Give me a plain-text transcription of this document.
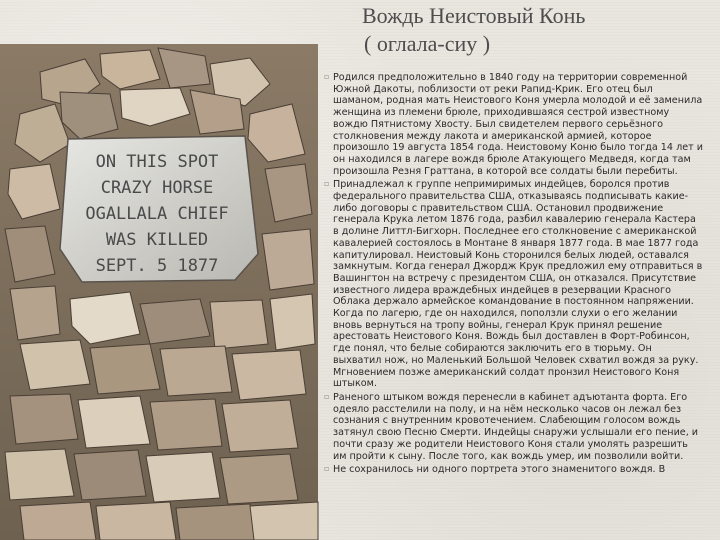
ON THIS SPOT
CRAZY HORSE
OGALLALA CHIEF
WAS KILLED
SEPT. 5 1877
Вождь Неистовый Конь
( оглала-сиу )

▫ Родился предположительно в 1840 году на территории современной Южной Дакоты, поблизости от реки Рапид-Крик. Его отец был шаманом, родная мать Неистового Коня умерла молодой и её заменила женщина из племени брюле, приходившаяся сестрой известному вождю Пятнистому Хвосту. Был свидетелем первого серьёзного столкновения между лакота и американской армией, которое произошло 19 августа 1854 года. Неистовому Коню было тогда 14 лет и он находился в лагере вождя брюле Атакующего Медведя, когда там произошла Резня Граттана, в которой все солдаты были перебиты.

▫ Принадлежал к группе непримиримых индейцев, боролся против федерального правительства США, отказываясь подписывать какие-либо договоры с правительством США. Остановил продвижение генерала Крука летом 1876 года, разбил кавалерию генерала Кастера в долине Литтл-Бигхорн. Последнее его столкновение с американской кавалерией состоялось в Монтане 8 января 1877 года. В мае 1877 года капитулировал. Неистовый Конь сторонился белых людей, оставался замкнутым. Когда генерал Джордж Крук предложил ему отправиться в Вашингтон на встречу с президентом США, он отказался. Присутствие известного лидера враждебных индейцев в резервации Красного Облака держало армейское командование в постоянном напряжении. Когда по лагерю, где он находился, поползли слухи о его желании вновь вернуться на тропу войны, генерал Крук принял решение арестовать Неистового Коня. Вождь был доставлен в Форт-Робинсон, где понял, что белые собираются заключить его в тюрьму. Он выхватил нож, но Маленький Большой Человек схватил вождя за руку. Мгновением позже американский солдат пронзил Неистового Коня штыком.

▫ Раненого штыком вождя перенесли в кабинет адъютанта форта. Его одеяло расстелили на полу, и на нём несколько часов он лежал без сознания с внутренним кровотечением. Слабеющим голосом вождь затянул свою Песню Смерти. Индейцы снаружи услышали его пение, и почти сразу же родители Неистового Коня стали умолять разрешить им пройти к сыну. После того, как вождь умер, им позволили войти.

▫ Не сохранилось ни одного портрета этого знаменитого вождя. В
